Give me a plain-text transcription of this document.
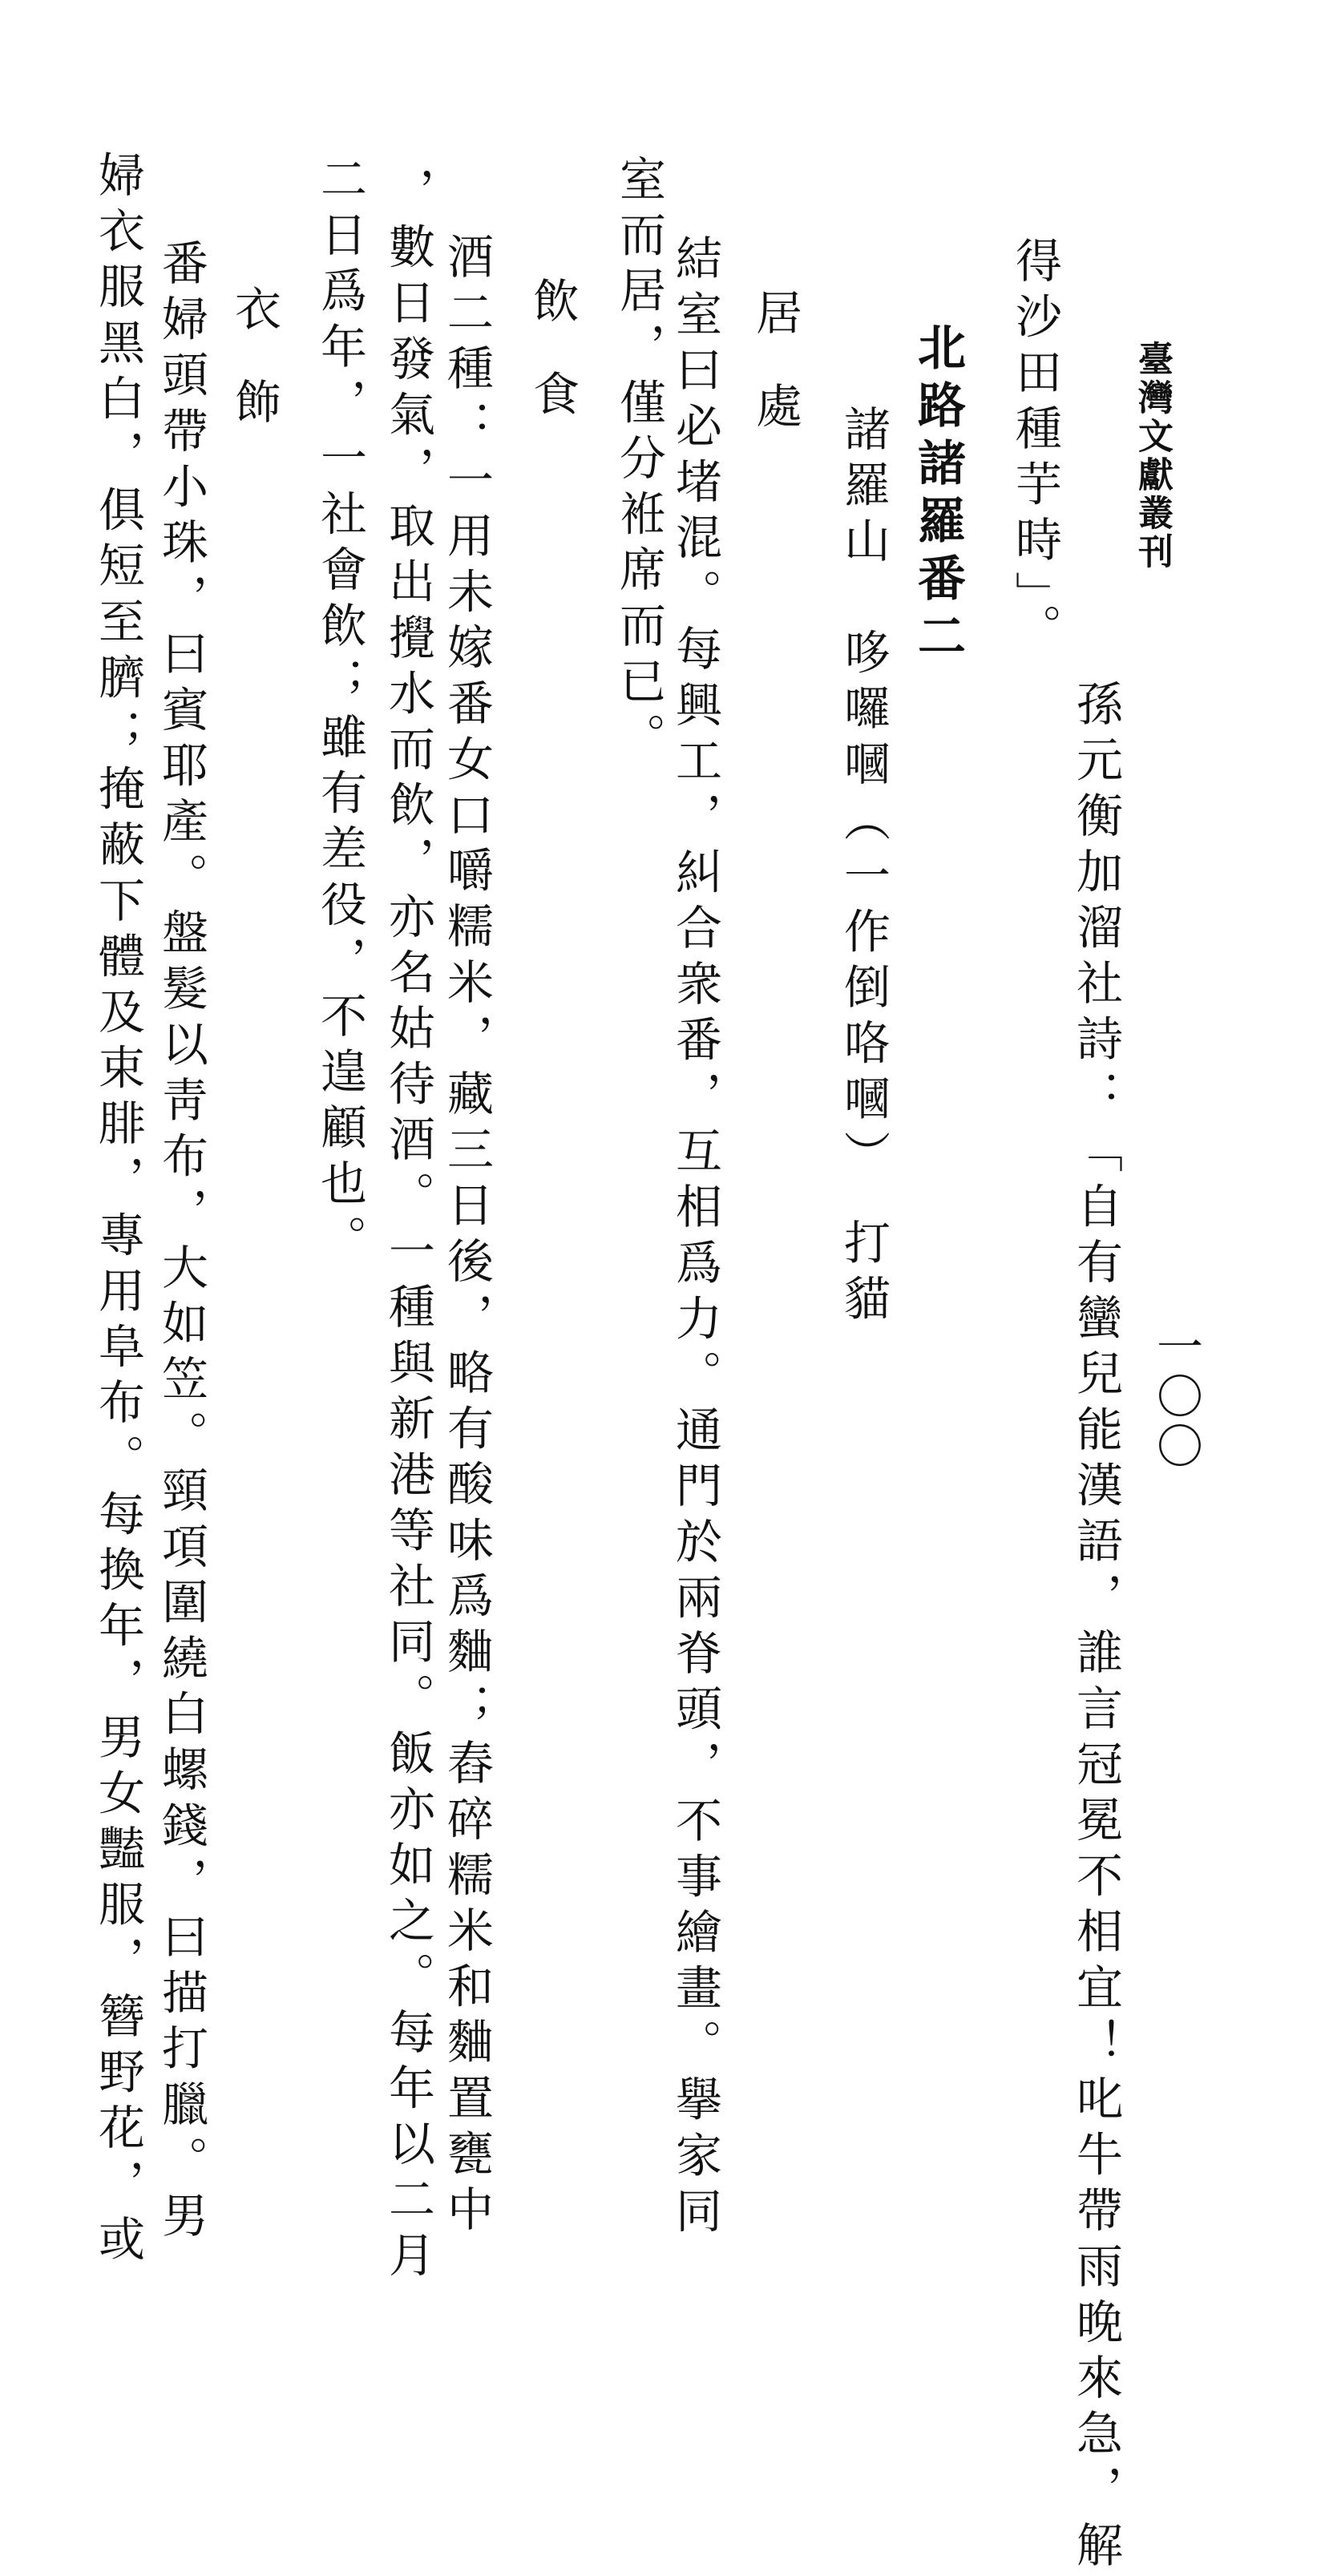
臺灣文獻叢刊
一〇〇
孫元衡加溜社詩：「自有蠻兒能漢語，誰言冠冕不相宜！叱牛帶雨晚來急，解
得沙田種芋時」。
北路諸羅番二
諸羅山　哆囉嘓（一作倒咯嘓）　打貓
居處
結室曰必堵混。每興工，糾合衆番，互相爲力。通門於兩脊頭，不事繪畫。擧家同
室而居，僅分袵席而已。
飲食
酒二種：一用未嫁番女口嚼糯米，藏三日後，略有酸味爲麯；舂碎糯米和麯置甕中
，數日發氣，取出攪水而飲，亦名姑待酒。一種與新港等社同。飯亦如之。每年以二月
二日爲年，一社會飲；雖有差役，不遑顧也。
衣飾
番婦頭帶小珠，曰賓耶產。盤髮以靑布，大如笠。頸項圍繞白螺錢，曰描打臘。男
婦衣服黑白，俱短至臍；掩蔽下體及束腓，專用阜布。每換年，男女豔服，簪野花，或
